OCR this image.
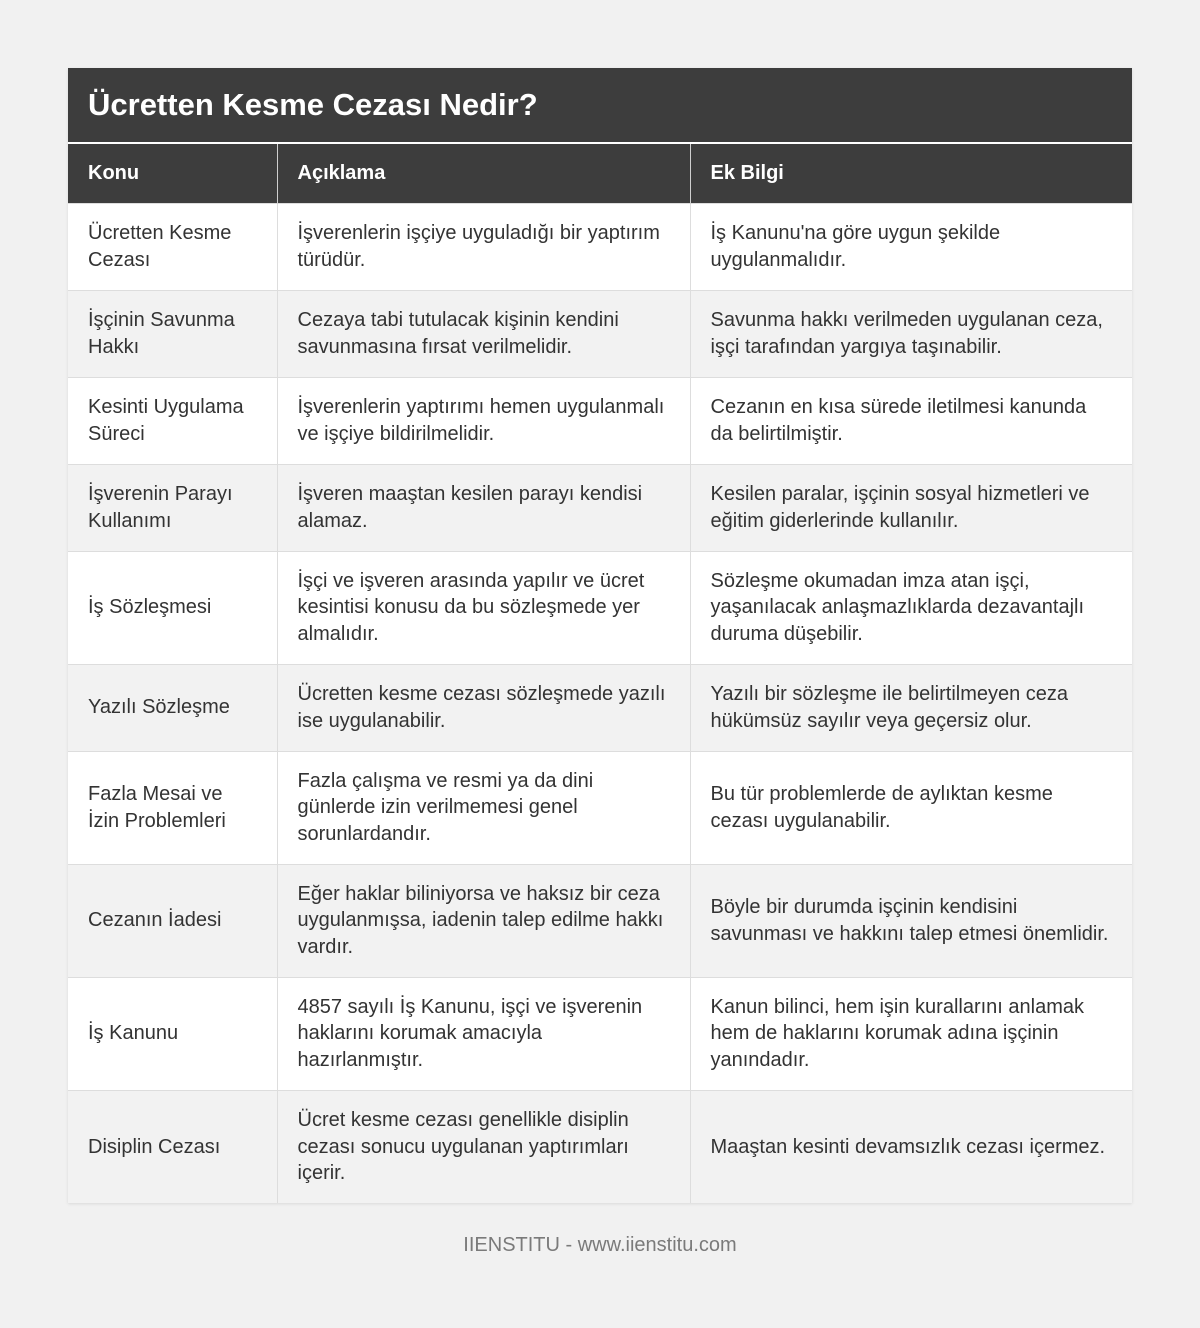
Ücretten Kesme Cezası Nedir?
Konu	Açıklama	Ek Bilgi
Ücretten Kesme Cezası	İşverenlerin işçiye uyguladığı bir yaptırım türüdür.	İş Kanunu'na göre uygun şekilde uygulanmalıdır.
İşçinin Savunma Hakkı	Cezaya tabi tutulacak kişinin kendini savunmasına fırsat verilmelidir.	Savunma hakkı verilmeden uygulanan ceza, işçi tarafından yargıya taşınabilir.
Kesinti Uygulama Süreci	İşverenlerin yaptırımı hemen uygulanmalı ve işçiye bildirilmelidir.	Cezanın en kısa sürede iletilmesi kanunda da belirtilmiştir.
İşverenin Parayı Kullanımı	İşveren maaştan kesilen parayı kendisi alamaz.	Kesilen paralar, işçinin sosyal hizmetleri ve eğitim giderlerinde kullanılır.
İş Sözleşmesi	İşçi ve işveren arasında yapılır ve ücret kesintisi konusu da bu sözleşmede yer almalıdır.	Sözleşme okumadan imza atan işçi, yaşanılacak anlaşmazlıklarda dezavantajlı duruma düşebilir.
Yazılı Sözleşme	Ücretten kesme cezası sözleşmede yazılı ise uygulanabilir.	Yazılı bir sözleşme ile belirtilmeyen ceza hükümsüz sayılır veya geçersiz olur.
Fazla Mesai ve İzin Problemleri	Fazla çalışma ve resmi ya da dini günlerde izin verilmemesi genel sorunlardandır.	Bu tür problemlerde de aylıktan kesme cezası uygulanabilir.
Cezanın İadesi	Eğer haklar biliniyorsa ve haksız bir ceza uygulanmışsa, iadenin talep edilme hakkı vardır.	Böyle bir durumda işçinin kendisini savunması ve hakkını talep etmesi önemlidir.
İş Kanunu	4857 sayılı İş Kanunu, işçi ve işverenin haklarını korumak amacıyla hazırlanmıştır.	Kanun bilinci, hem işin kurallarını anlamak hem de haklarını korumak adına işçinin yanındadır.
Disiplin Cezası	Ücret kesme cezası genellikle disiplin cezası sonucu uygulanan yaptırımları içerir.	Maaştan kesinti devamsızlık cezası içermez.
IIENSTITU - www.iienstitu.com
